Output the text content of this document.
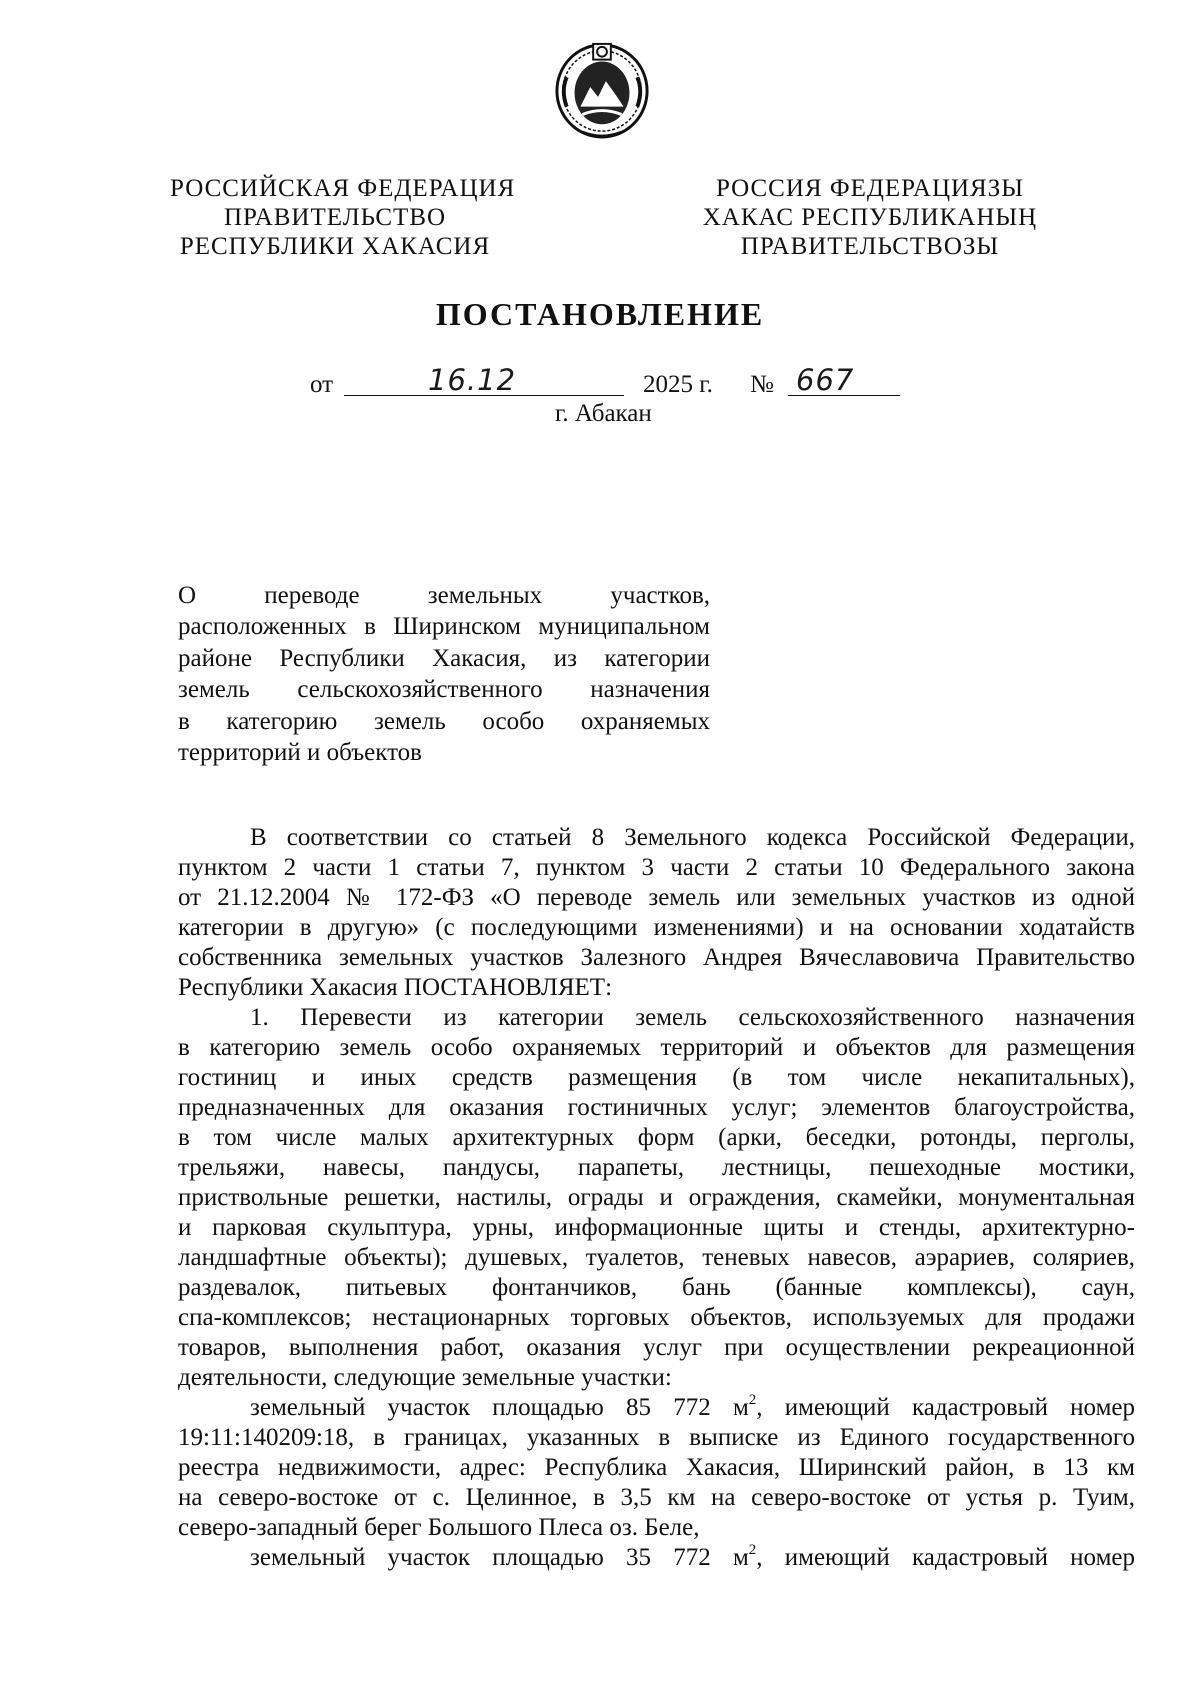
РОССИЙСКАЯ ФЕДЕРАЦИЯ
ПРАВИТЕЛЬСТВО
РЕСПУБЛИКИ ХАКАСИЯ
РОССИЯ ФЕДЕРАЦИЯЗЫ
ХАКАС РЕСПУБЛИКАНЫҢ
ПРАВИТЕЛЬСТВОЗЫ
ПОСТАНОВЛЕНИЕ
от	16.12	2025 г. № 667
г. Абакан
О переводе земельных участков,
расположенных в Ширинском муниципальном
районе Республики Хакасия, из категории
земель сельскохозяйственного назначения
в категорию земель особо охраняемых
территорий и объектов
В соответствии со статьей 8 Земельного кодекса Российской Федерации,
пунктом 2 части 1 статьи 7, пунктом 3 части 2 статьи 10 Федерального закона
от 21.12.2004 № 172-ФЗ «О переводе земель или земельных участков из одной
категории в другую» (с последующими изменениями) и на основании ходатайств
собственника земельных участков Залезного Андрея Вячеславовича Правительство
Республики Хакасия ПОСТАНОВЛЯЕТ:
1. Перевести из категории земель сельскохозяйственного назначения
в категорию земель особо охраняемых территорий и объектов для размещения
гостиниц и иных средств размещения (в том числе некапитальных),
предназначенных для оказания гостиничных услуг; элементов благоустройства,
в том числе малых архитектурных форм (арки, беседки, ротонды, перголы,
трельяжи, навесы, пандусы, парапеты, лестницы, пешеходные мостики,
приствольные решетки, настилы, ограды и ограждения, скамейки, монументальная
и парковая скульптура, урны, информационные щиты и стенды, архитектурно-
ландшафтные объекты); душевых, туалетов, теневых навесов, аэрариев, соляриев,
раздевалок, питьевых фонтанчиков, бань (банные комплексы), саун,
спа-комплексов; нестационарных торговых объектов, используемых для продажи
товаров, выполнения работ, оказания услуг при осуществлении рекреационной
деятельности, следующие земельные участки:
земельный участок площадью 85 772 $м^2$, имеющий кадастровый номер
19:11:140209:18, в границах, указанных в выписке из Единого государственного
реестра недвижимости, адрес: Республика Хакасия, Ширинский район, в 13 км
на северо-востоке от с. Целинное, в 3,5 км на северо-востоке от устья р. Туим,
северо-западный берег Большого Плеса оз. Беле,
земельный участок площадью 35 772 $м^2$, имеющий кадастровый номер
